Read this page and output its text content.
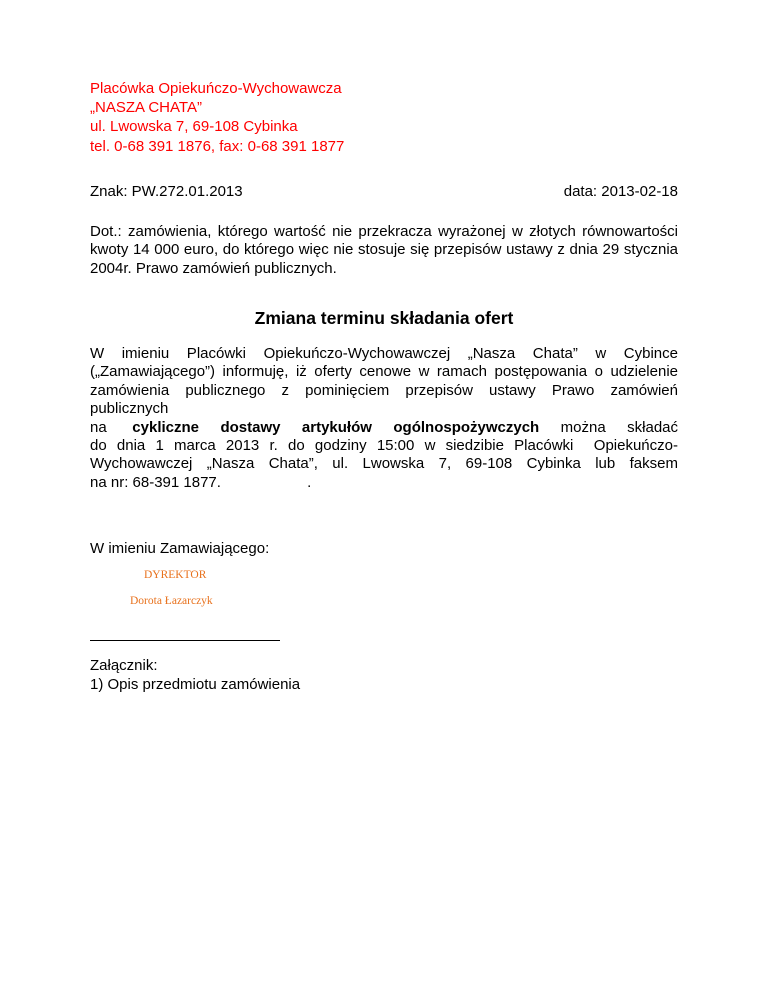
Placówka Opiekuńczo-Wychowawcza
„NASZA CHATA”
ul. Lwowska 7, 69-108 Cybinka
tel. 0-68 391 1876, fax: 0-68 391 1877
Znak: PW.272.01.2013	data: 2013-02-18
Dot.: zamówienia, którego wartość nie przekracza wyrażonej w złotych równowartości kwoty 14 000 euro, do którego więc nie stosuje się przepisów ustawy z dnia 29 stycznia 2004r. Prawo zamówień publicznych.
Zmiana terminu składania ofert
W imieniu Placówki Opiekuńczo-Wychowawczej „Nasza Chata” w Cybince
(„Zamawiającego”) informuję, iż oferty cenowe w ramach postępowania o udzielenie
zamówienia publicznego z pominięciem przepisów ustawy Prawo zamówień
publicznych
na cykliczne dostawy artykułów ogólnospożywczych można składać
do dnia 1 marca 2013 r. do godziny 15:00 w siedzibie Placówki  Opiekuńczo-
Wychowawczej „Nasza Chata”, ul. Lwowska 7, 69-108 Cybinka lub faksem
na nr: 68-391 1877.	.
W imieniu Zamawiającego:
DYREKTOR
Dorota Łazarczyk
Załącznik:
1) Opis przedmiotu zamówienia
